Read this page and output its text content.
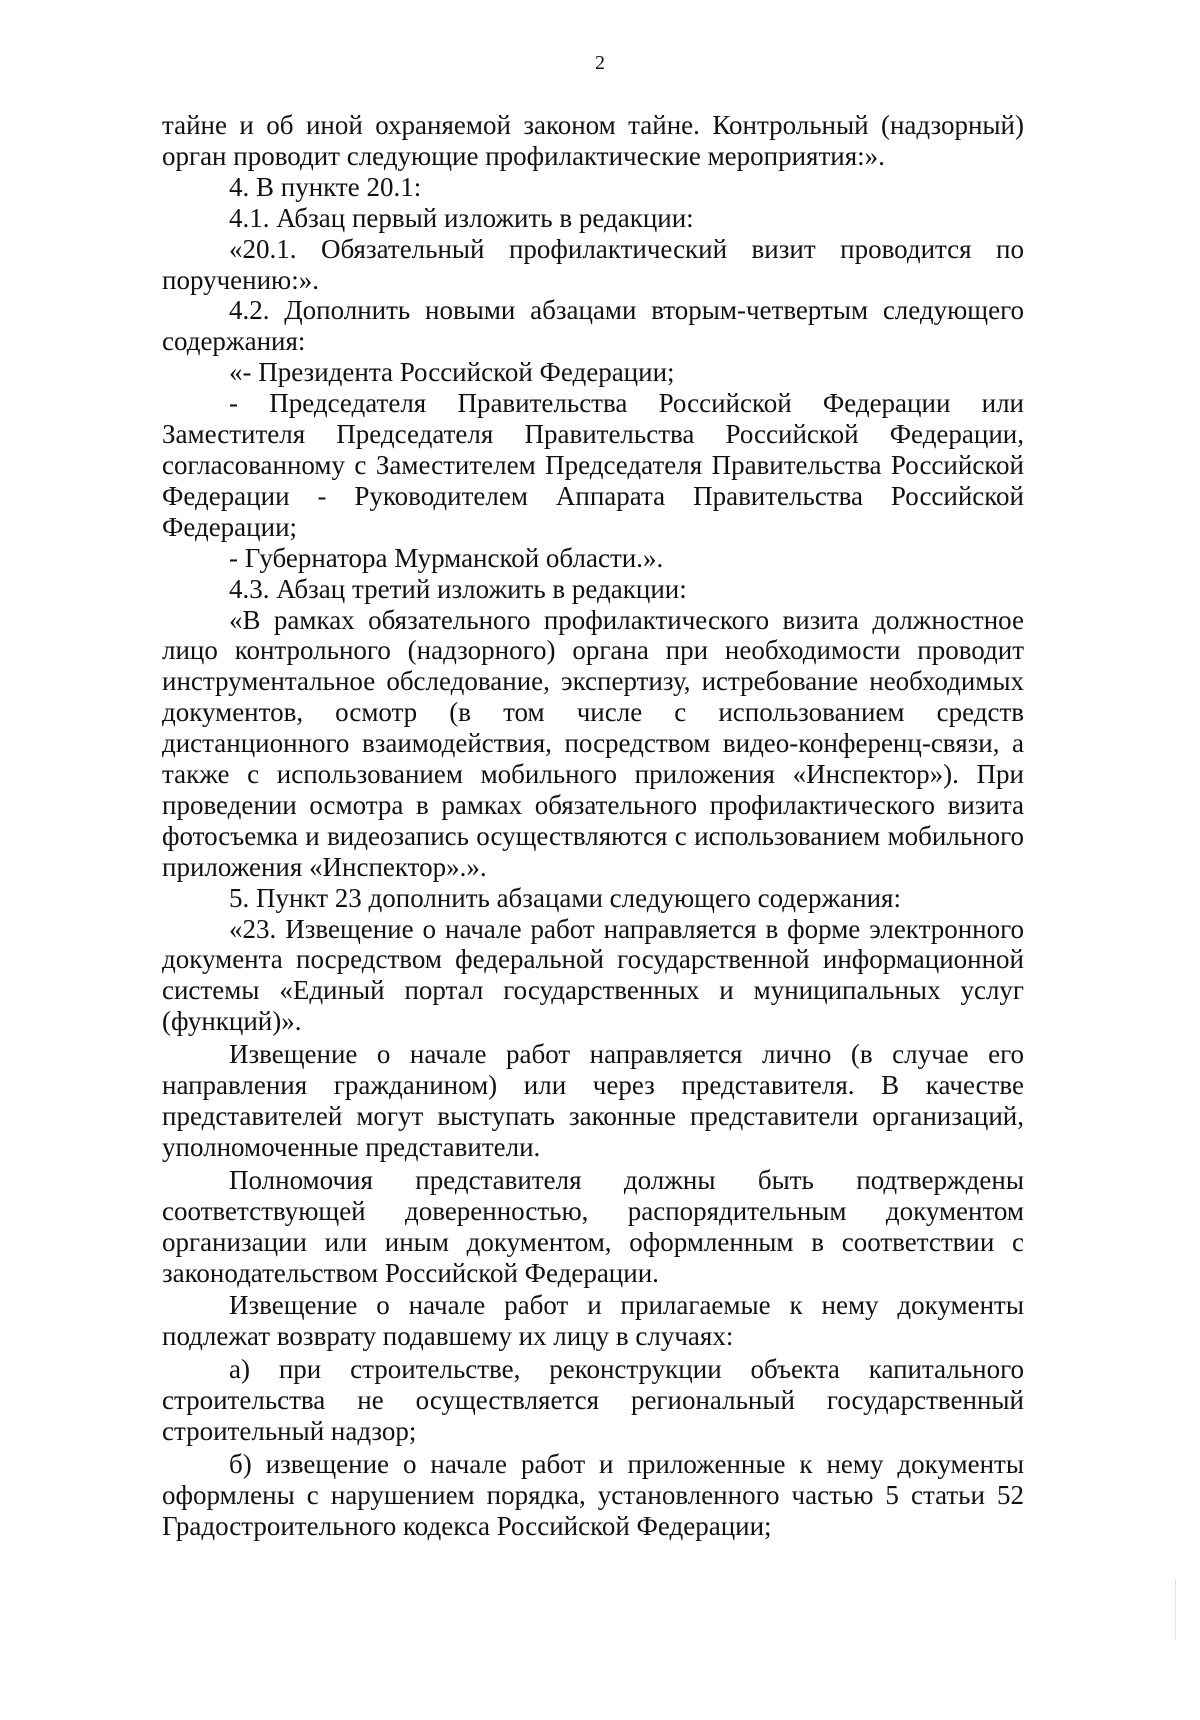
2

тайне и об иной охраняемой законом тайне. Контрольный (надзорный) орган проводит следующие профилактические мероприятия:».

4. В пункте 20.1:

4.1. Абзац первый изложить в редакции:

«20.1. Обязательный профилактический визит проводится по поручению:».

4.2. Дополнить новыми абзацами вторым-четвертым следующего содержания:

«- Президента Российской Федерации;

- Председателя Правительства Российской Федерации или Заместителя Председателя Правительства Российской Федерации, согласованному с Заместителем Председателя Правительства Российской Федерации - Руководителем Аппарата Правительства Российской Федерации;

- Губернатора Мурманской области.».

4.3. Абзац третий изложить в редакции:

«В рамках обязательного профилактического визита должностное лицо контрольного (надзорного) органа при необходимости проводит инструментальное обследование, экспертизу, истребование необходимых документов, осмотр (в том числе с использованием средств дистанционного взаимодействия, посредством видео-конференц-связи, а также с использованием мобильного приложения «Инспектор»). При проведении осмотра в рамках обязательного профилактического визита фотосъемка и видеозапись осуществляются с использованием мобильного приложения «Инспектор».».

5. Пункт 23 дополнить абзацами следующего содержания:

«23. Извещение о начале работ направляется в форме электронного документа посредством федеральной государственной информационной системы «Единый портал государственных и муниципальных услуг (функций)».

Извещение о начале работ направляется лично (в случае его направления гражданином) или через представителя. В качестве представителей могут выступать законные представители организаций, уполномоченные представители.

Полномочия представителя должны быть подтверждены соответствующей доверенностью, распорядительным документом организации или иным документом, оформленным в соответствии с законодательством Российской Федерации.

Извещение о начале работ и прилагаемые к нему документы подлежат возврату подавшему их лицу в случаях:

а) при строительстве, реконструкции объекта капитального строительства не осуществляется региональный государственный строительный надзор;

б) извещение о начале работ и приложенные к нему документы оформлены с нарушением порядка, установленного частью 5 статьи 52 Градостроительного кодекса Российской Федерации;
